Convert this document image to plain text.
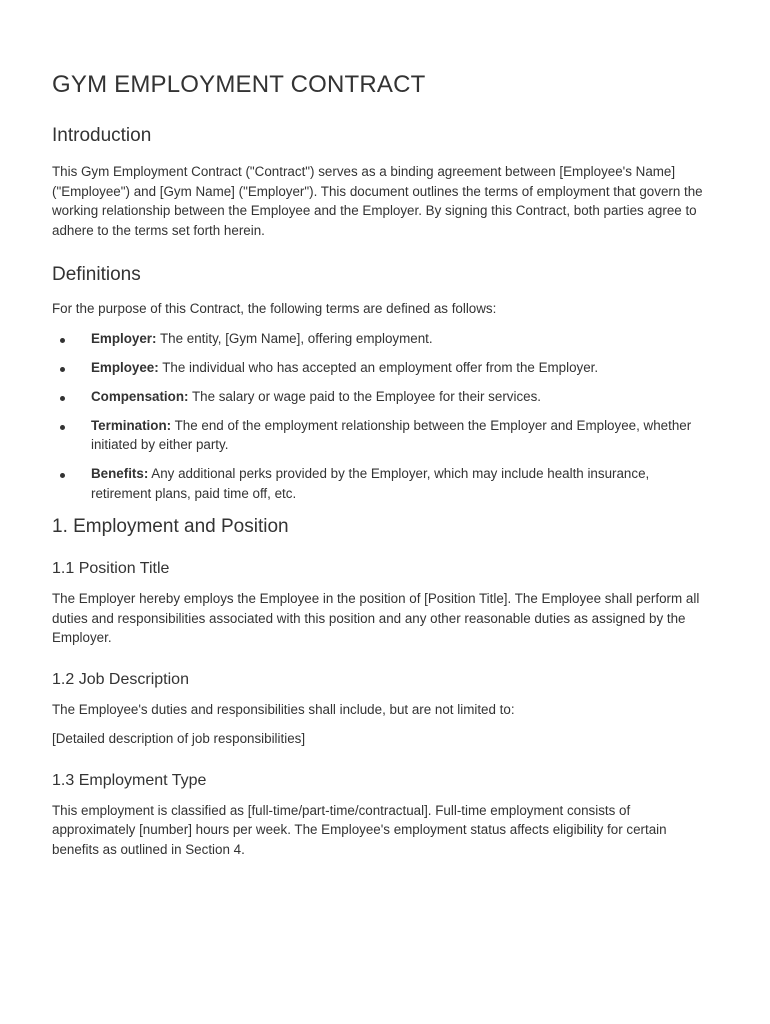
GYM EMPLOYMENT CONTRACT
Introduction

This Gym Employment Contract ("Contract") serves as a binding agreement between [Employee's Name] ("Employee") and [Gym Name] ("Employer"). This document outlines the terms of employment that govern the working relationship between the Employee and the Employer. By signing this Contract, both parties agree to adhere to the terms set forth herein.

Definitions

For the purpose of this Contract, the following terms are defined as follows:

Employer: The entity, [Gym Name], offering employment.
Employee: The individual who has accepted an employment offer from the Employer.
Compensation: The salary or wage paid to the Employee for their services.
Termination: The end of the employment relationship between the Employer and Employee, whether initiated by either party.
Benefits: Any additional perks provided by the Employer, which may include health insurance, retirement plans, paid time off, etc.
1. Employment and Position
1.1 Position Title

The Employer hereby employs the Employee in the position of [Position Title]. The Employee shall perform all duties and responsibilities associated with this position and any other reasonable duties as assigned by the Employer.

1.2 Job Description

The Employee's duties and responsibilities shall include, but are not limited to:

[Detailed description of job responsibilities]

1.3 Employment Type

This employment is classified as [full-time/part-time/contractual]. Full-time employment consists of approximately [number] hours per week. The Employee's employment status affects eligibility for certain benefits as outlined in Section 4.
